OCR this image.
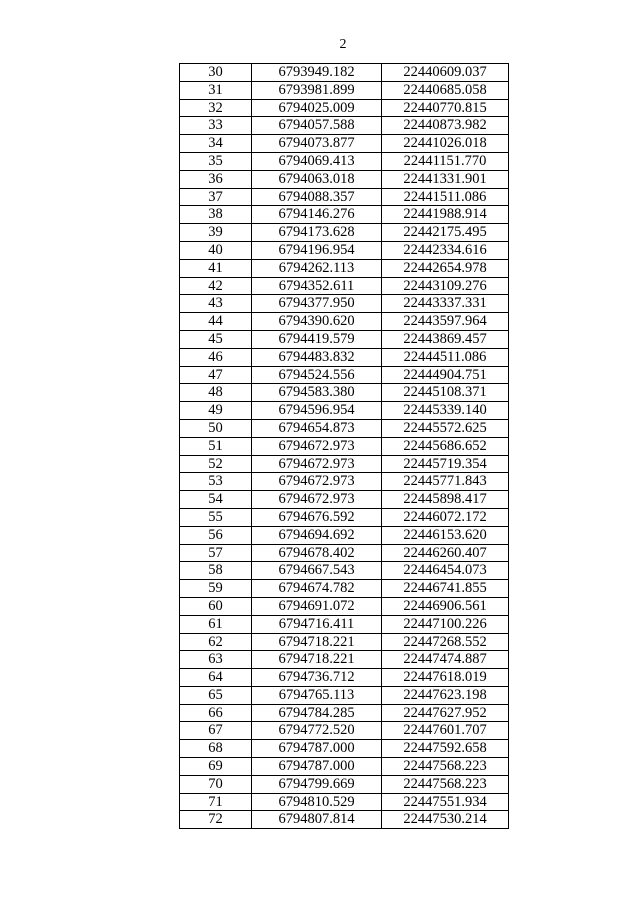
2
30	6793949.182	22440609.037
31	6793981.899	22440685.058
32	6794025.009	22440770.815
33	6794057.588	22440873.982
34	6794073.877	22441026.018
35	6794069.413	22441151.770
36	6794063.018	22441331.901
37	6794088.357	22441511.086
38	6794146.276	22441988.914
39	6794173.628	22442175.495
40	6794196.954	22442334.616
41	6794262.113	22442654.978
42	6794352.611	22443109.276
43	6794377.950	22443337.331
44	6794390.620	22443597.964
45	6794419.579	22443869.457
46	6794483.832	22444511.086
47	6794524.556	22444904.751
48	6794583.380	22445108.371
49	6794596.954	22445339.140
50	6794654.873	22445572.625
51	6794672.973	22445686.652
52	6794672.973	22445719.354
53	6794672.973	22445771.843
54	6794672.973	22445898.417
55	6794676.592	22446072.172
56	6794694.692	22446153.620
57	6794678.402	22446260.407
58	6794667.543	22446454.073
59	6794674.782	22446741.855
60	6794691.072	22446906.561
61	6794716.411	22447100.226
62	6794718.221	22447268.552
63	6794718.221	22447474.887
64	6794736.712	22447618.019
65	6794765.113	22447623.198
66	6794784.285	22447627.952
67	6794772.520	22447601.707
68	6794787.000	22447592.658
69	6794787.000	22447568.223
70	6794799.669	22447568.223
71	6794810.529	22447551.934
72	6794807.814	22447530.214
